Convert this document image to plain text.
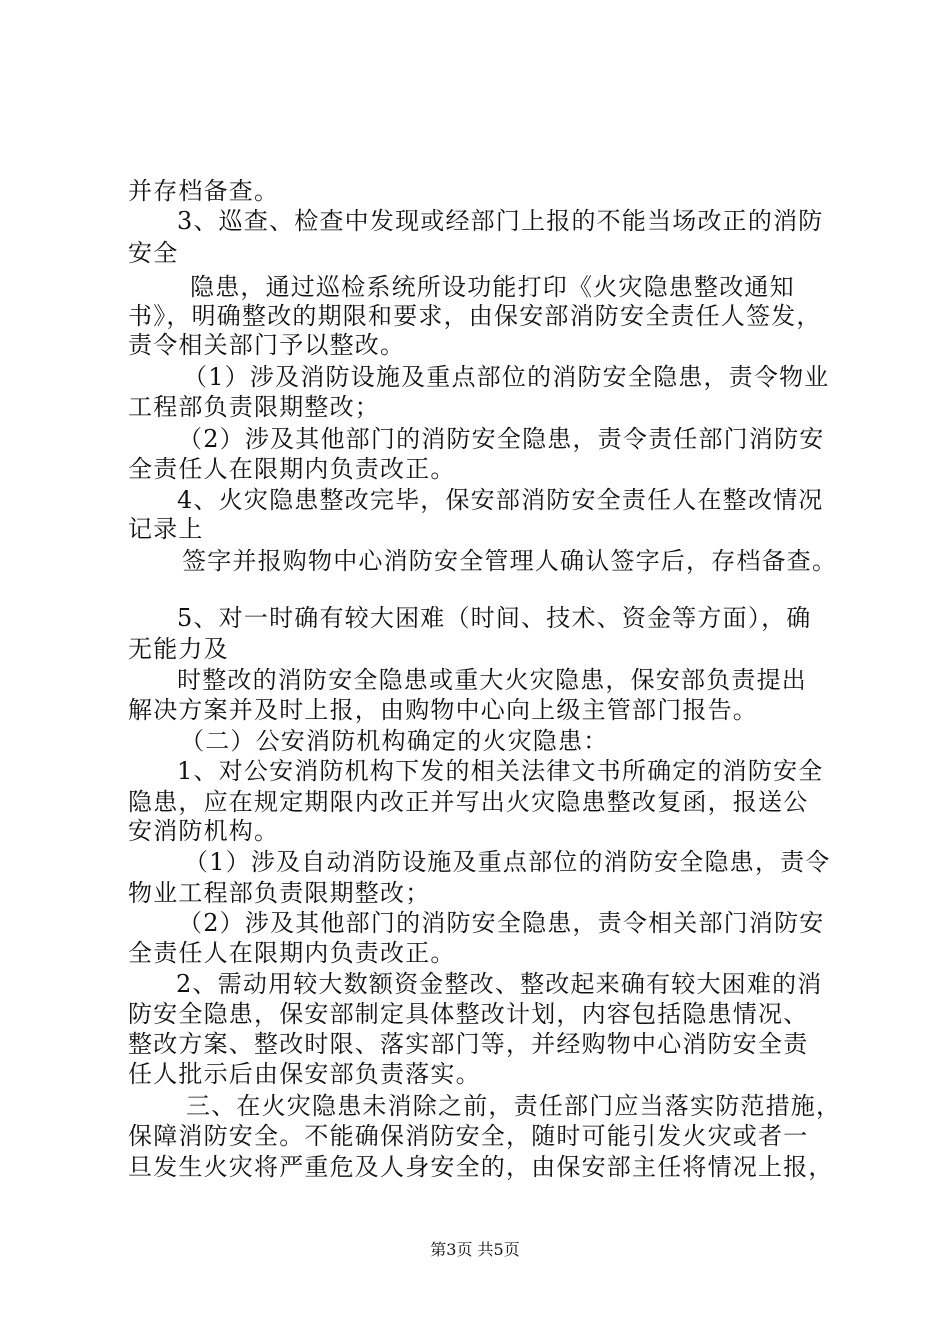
并存档备查。
3、巡查、检查中发现或经部门上报的不能当场改正的消防
安全
隐患，通过巡检系统所设功能打印《火灾隐患整改通知
书》，明确整改的期限和要求，由保安部消防安全责任人签发，
责令相关部门予以整改。
（1）涉及消防设施及重点部位的消防安全隐患，责令物业
工程部负责限期整改；
（2）涉及其他部门的消防安全隐患，责令责任部门消防安
全责任人在限期内负责改正。
4、火灾隐患整改完毕，保安部消防安全责任人在整改情况
记录上
签字并报购物中心消防安全管理人确认签字后，存档备查。
5、对一时确有较大困难（时间、技术、资金等方面），确
无能力及
时整改的消防安全隐患或重大火灾隐患，保安部负责提出
解决方案并及时上报，由购物中心向上级主管部门报告。
（二）公安消防机构确定的火灾隐患：
1、对公安消防机构下发的相关法律文书所确定的消防安全
隐患，应在规定期限内改正并写出火灾隐患整改复函，报送公
安消防机构。
（1）涉及自动消防设施及重点部位的消防安全隐患，责令
物业工程部负责限期整改；
（2）涉及其他部门的消防安全隐患，责令相关部门消防安
全责任人在限期内负责改正。
2、需动用较大数额资金整改、整改起来确有较大困难的消
防安全隐患，保安部制定具体整改计划，内容包括隐患情况、
整改方案、整改时限、落实部门等，并经购物中心消防安全责
任人批示后由保安部负责落实。
三、在火灾隐患未消除之前，责任部门应当落实防范措施，
保障消防安全。不能确保消防安全，随时可能引发火灾或者一
旦发生火灾将严重危及人身安全的，由保安部主任将情况上报，
第3页 共5页
